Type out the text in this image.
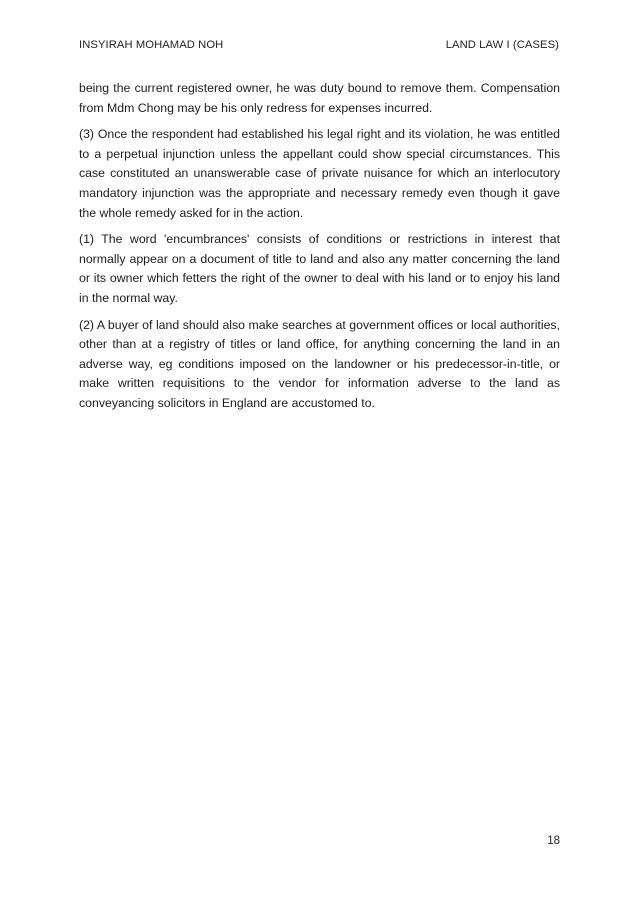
INSYIRAH MOHAMAD NOH	LAND LAW I (CASES)

being the current registered owner, he was duty bound to remove them. Compensation from Mdm Chong may be his only redress for expenses incurred.

(3) Once the respondent had established his legal right and its violation, he was entitled to a perpetual injunction unless the appellant could show special circumstances. This case constituted an unanswerable case of private nuisance for which an interlocutory mandatory injunction was the appropriate and necessary remedy even though it gave the whole remedy asked for in the action.

(1) The word 'encumbrances' consists of conditions or restrictions in interest that normally appear on a document of title to land and also any matter concerning the land or its owner which fetters the right of the owner to deal with his land or to enjoy his land in the normal way.

(2) A buyer of land should also make searches at government offices or local authorities, other than at a registry of titles or land office, for anything concerning the land in an adverse way, eg conditions imposed on the landowner or his predecessor-in-title, or make written requisitions to the vendor for information adverse to the land as conveyancing solicitors in England are accustomed to.

18
